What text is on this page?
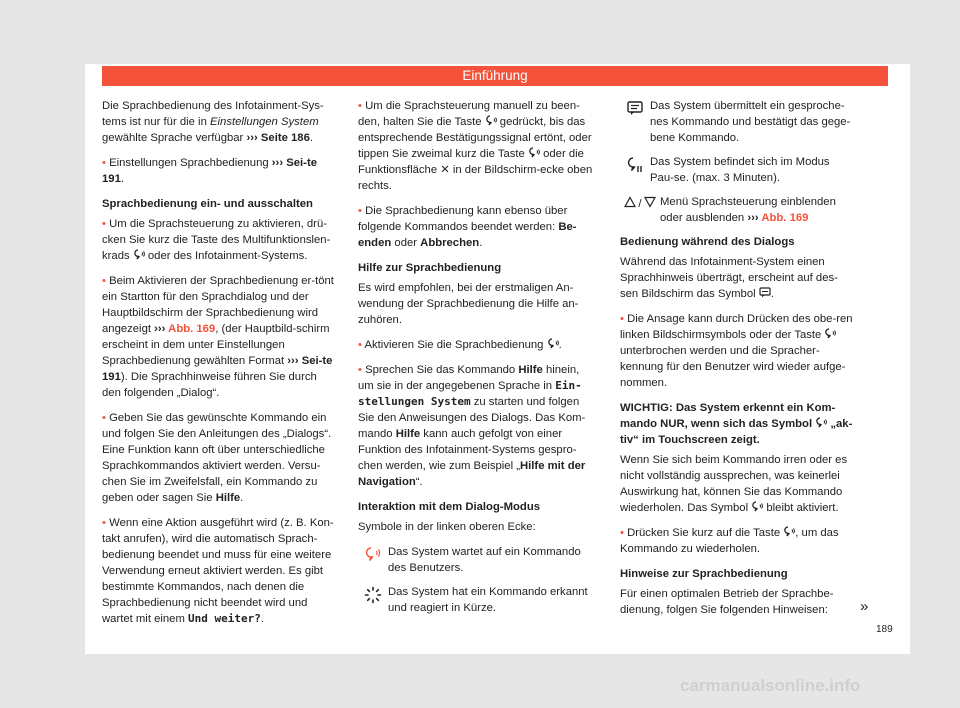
Einführung

Die Sprachbedienung des Infotainment-Sys-tems ist nur für die in Einstellungen System gewählte Sprache verfügbar ››› Seite 186.

• Einstellungen Sprachbedienung ››› Sei-te 191.

Sprachbedienung ein- und ausschalten

• Um die Sprachsteuerung zu aktivieren, drü-cken Sie kurz die Taste des Multifunktionslen-krads
oder des Infotainment-Systems.

• Beim Aktivieren der Sprachbedienung er-tönt ein Startton für den Sprachdialog und der Hauptbildschirm der Sprachbedienung wird angezeigt ››› Abb. 169, (der Hauptbild-schirm erscheint in dem unter Einstellungen Sprachbedienung gewählten Format ››› Sei-te 191). Die Sprachhinweise führen Sie durch den folgenden „Dialog“.

• Geben Sie das gewünschte Kommando ein und folgen Sie den Anleitungen des „Dialogs“. Eine Funktion kann oft über unterschiedliche Sprachkommandos aktiviert werden. Versu-chen Sie im Zweifelsfall, ein Kommando zu geben oder sagen Sie Hilfe.

• Wenn eine Aktion ausgeführt wird (z. B. Kon-takt anrufen), wird die automatisch Sprach-bedienung beendet und muss für eine weitere Verwendung erneut aktiviert werden. Es gibt bestimmte Kommandos, nach denen die Sprachbedienung nicht beendet wird und wartet mit einem Und weiter?.

• Um die Sprachsteuerung manuell zu been-den, halten Sie die Taste
gedrückt, bis das entsprechende Bestätigungssignal ertönt, oder tippen Sie zweimal kurz die Taste
oder die Funktionsfläche ✕ in der Bildschirm-ecke oben rechts.

• Die Sprachbedienung kann ebenso über folgende Kommandos beendet werden: Be-enden oder Abbrechen.

Hilfe zur Sprachbedienung

Es wird empfohlen, bei der erstmaligen An-wendung der Sprachbedienung die Hilfe an-zuhören.

• Aktivieren Sie die Sprachbedienung
.

• Sprechen Sie das Kommando Hilfe hinein, um sie in der angegebenen Sprache in Ein-stellungen System zu starten und folgen Sie den Anweisungen des Dialogs. Das Kom-mando Hilfe kann auch gefolgt von einer Funktion des Infotainment-Systems gespro-chen werden, wie zum Beispiel „Hilfe mit der Navigation“.

Interaktion mit dem Dialog-Modus

Symbole in der linken oberen Ecke:

Das System wartet auf ein Kommando des Benutzers.
Das System hat ein Kommando erkannt und reagiert in Kürze.
Das System übermittelt ein gesproche-nes Kommando und bestätigt das gege-bene Kommando.
Das System befindet sich im Modus Pau-se. (max. 3 Minuten).
/ Menü Sprachsteuerung einblenden oder ausblenden ››› Abb. 169
Bedienung während des Dialogs

Während das Infotainment-System einen Sprachhinweis überträgt, erscheint auf des-sen Bildschirm das Symbol
.

• Die Ansage kann durch Drücken des obe-ren linken Bildschirmsymbols oder der Taste
unterbrochen werden und die Spracher-kennung für den Benutzer wird wieder aufge-nommen.

WICHTIG: Das System erkennt ein Kom-mando NUR, wenn sich das Symbol
„ak-tiv“ im Touchscreen zeigt.

Wenn Sie sich beim Kommando irren oder es nicht vollständig aussprechen, was keinerlei Auswirkung hat, können Sie das Kommando wiederholen. Das Symbol
bleibt aktiviert.

• Drücken Sie kurz auf die Taste
, um das Kommando zu wiederholen.

Hinweise zur Sprachbedienung

Für einen optimalen Betrieb der Sprachbe-dienung, folgen Sie folgenden Hinweisen:	»
189
carmanualsonline.info
